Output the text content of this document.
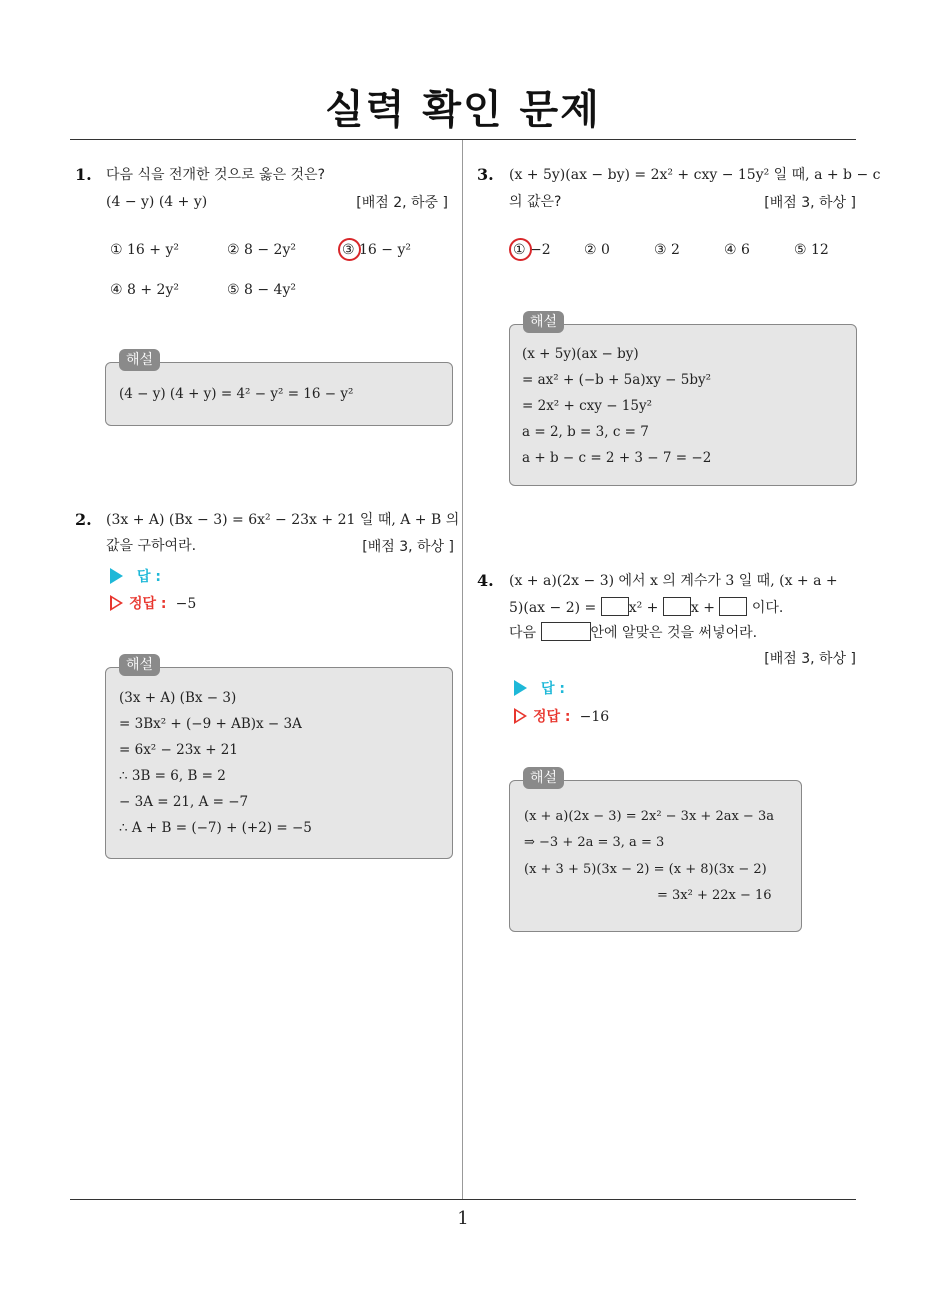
실력 확인 문제
1
1. 다음 식을 전개한 것으로 옳은 것은?
(4 − y) (4 + y)	[배점 2, 하중 ]
① 16 + y²	② 8 − 2y²	③ 16 − y²
④ 8 + 2y²	⑤ 8 − 4y²
해설
(4 − y) (4 + y) = 4² − y² = 16 − y²
2. (3x + A) (Bx − 3) = 6x² − 23x + 21 일 때, A + B 의
값을 구하여라.	[배점 3, 하상 ]
답 :
정답 : −5
해설
(3x + A) (Bx − 3)
= 3Bx² + (−9 + AB)x − 3A
= 6x² − 23x + 21
∴ 3B = 6, B = 2
− 3A = 21, A = −7
∴ A + B = (−7) + (+2) = −5
3. (x + 5y)(ax − by) = 2x² + cxy − 15y² 일 때, a + b − c
의 값은?	[배점 3, 하상 ]
① −2 ② 0	③ 2	④ 6	⑤ 12
해설
(x + 5y)(ax − by)
= ax² + (−b + 5a)xy − 5by²
= 2x² + cxy − 15y²
a = 2, b = 3, c = 7
a + b − c = 2 + 3 − 7 = −2
4. (x + a)(2x − 3) 에서 x 의 계수가 3 일 때, (x + a +
5)(ax − 2) = x² + x +	이다.
다음	안에 알맞은 것을 써넣어라.
[배점 3, 하상 ]
답 :
정답 : −16
해설
(x + a)(2x − 3) = 2x² − 3x + 2ax − 3a
⇒ −3 + 2a = 3, a = 3
(x + 3 + 5)(3x − 2) = (x + 8)(3x − 2)
= 3x² + 22x − 16
